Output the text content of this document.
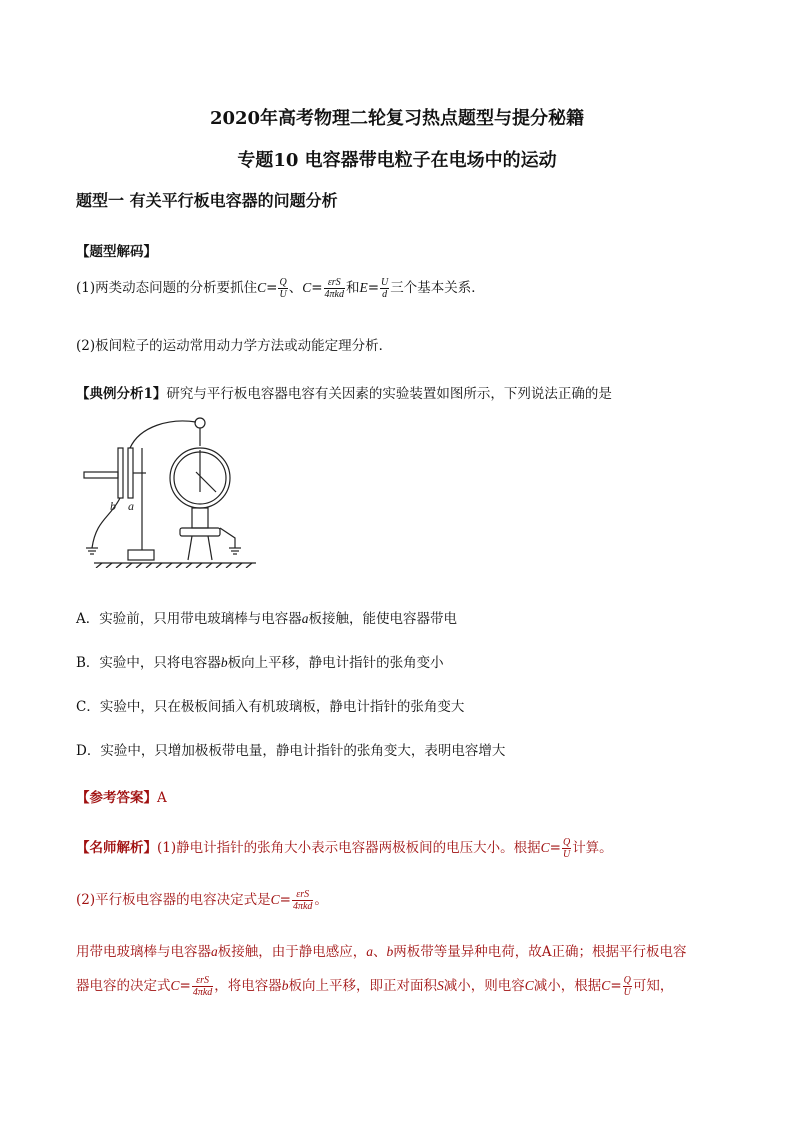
2020年高考物理二轮复习热点题型与提分秘籍
专题10 电容器带电粒子在电场中的运动
题型一 有关平行板电容器的问题分析
【题型解码】
(1)两类动态问题的分析要抓住$C= \frac{Q}{U}$ 、$C= \frac{\text{εrS}}{\text{4πkd}}$ 和$E= \frac{U}{d}$ 三个基本关系．
(2)板间粒子的运动常用动力学方法或动能定理分析．
【典例分析1】研究与平行板电容器电容有关因素的实验装置如图所示，下列说法正确的是
b a
A．实验前，只用带电玻璃棒与电容器a板接触，能使电容器带电
B．实验中，只将电容器b板向上平移，静电计指针的张角变小
C．实验中，只在极板间插入有机玻璃板，静电计指针的张角变大
D．实验中，只增加极板带电量，静电计指针的张角变大，表明电容增大
【参考答案】A
【名师解析】(1)静电计指针的张角大小表示电容器两极板间的电压大小。根据$C= \frac{Q}{U}$ 计算。
(2)平行板电容器的电容决定式是$C= \frac{\text{εrS}}{\text{4πkd}}$ 。
用带电玻璃棒与电容器a板接触，由于静电感应，a、b两板带等量异种电荷，故A正确；根据平行板电容
器电容的决定式$C= \frac{\text{εrS}}{\text{4πkd}}$ ，将电容器b板向上平移，即正对面积S减小，则电容C减小，根据$C= \frac{Q}{U}$ 可知，
